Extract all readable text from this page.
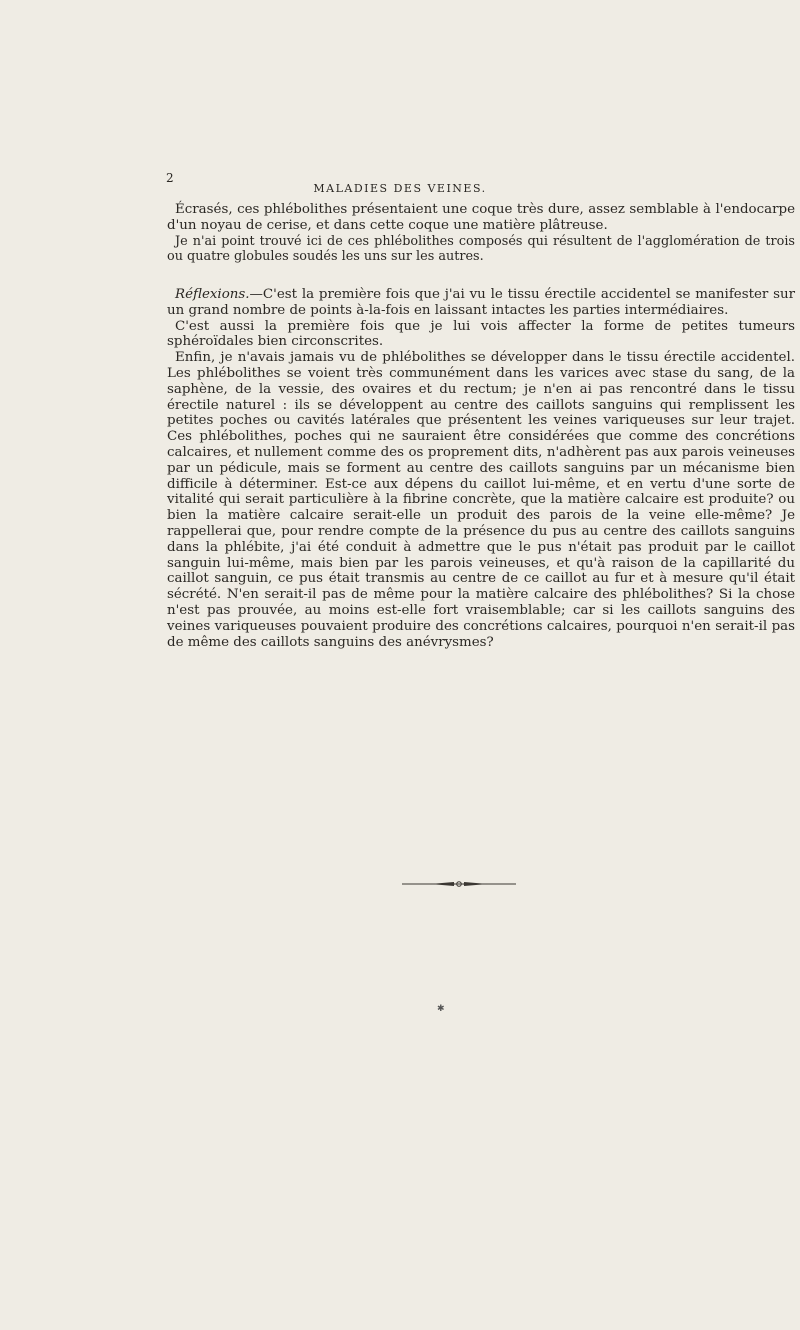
2
MALADIES DES VEINES.

Écrasés, ces phlébolithes présentaient une coque très dure, assez semblable à l'endocarpe d'un noyau de cerise, et dans cette coque une matière plâtreuse.

Je n'ai point trouvé ici de ces phlébolithes composés qui résultent de l'agglomération de trois ou quatre globules soudés les uns sur les autres.

Réflexions.—C'est la première fois que j'ai vu le tissu érectile accidentel se manifester sur un grand nombre de points à-la-fois en laissant intactes les parties intermédiaires.

C'est aussi la première fois que je lui vois affecter la forme de petites tumeurs sphéroïdales bien circonscrites.

Enfin, je n'avais jamais vu de phlébolithes se développer dans le tissu érectile accidentel. Les phlébolithes se voient très communément dans les varices avec stase du sang, de la saphène, de la vessie, des ovaires et du rectum; je n'en ai pas rencontré dans le tissu érectile naturel : ils se développent au centre des caillots sanguins qui remplissent les petites poches ou cavités latérales que présentent les veines variqueuses sur leur trajet. Ces phlébolithes, poches qui ne sauraient être considérées que comme des concrétions calcaires, et nullement comme des os proprement dits, n'adhèrent pas aux parois veineuses par un pédicule, mais se forment au centre des caillots sanguins par un mécanisme bien difficile à déterminer. Est-ce aux dépens du caillot lui-même, et en vertu d'une sorte de vitalité qui serait particulière à la fibrine concrète, que la matière calcaire est produite? ou bien la matière calcaire serait-elle un produit des parois de la veine elle-même? Je rappellerai que, pour rendre compte de la présence du pus au centre des caillots sanguins dans la phlébite, j'ai été conduit à admettre que le pus n'était pas produit par le caillot sanguin lui-même, mais bien par les parois veineuses, et qu'à raison de la capillarité du caillot sanguin, ce pus était transmis au centre de ce caillot au fur et à mesure qu'il était sécrété. N'en serait-il pas de même pour la matière calcaire des phlébolithes? Si la chose n'est pas prouvée, au moins est-elle fort vraisemblable; car si les caillots sanguins des veines variqueuses pouvaient produire des concrétions calcaires, pourquoi n'en serait-il pas de même des caillots sanguins des anévrysmes?

✱
